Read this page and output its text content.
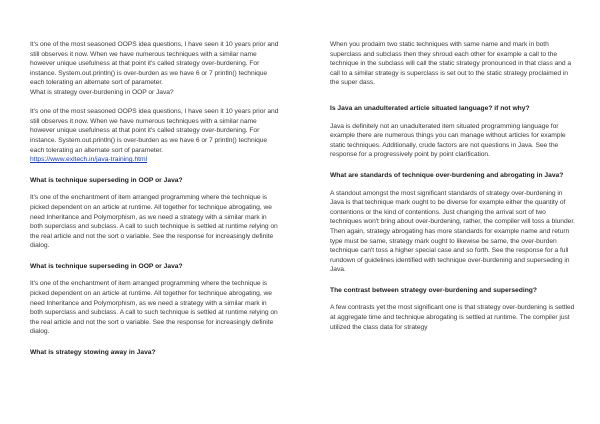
It's one of the most seasoned OOPS idea questions, I have seen it 10 years prior and still observes it now. When we have numerous techniques with a similar name however unique usefulness at that point it's called strategy over-burdening. For instance. System.out.println() is over-burden as we have 6 or 7 println() technique each tolerating an alternate sort of parameter.

What is strategy over-burdening in OOP or Java?

It's one of the most seasoned OOPS idea questions, I have seen it 10 years prior and still observes it now. When we have numerous techniques with a similar name however unique usefulness at that point it's called strategy over-burdening. For instance. System.out.println() is over-burden as we have 6 or 7 println() technique each tolerating an alternate sort of parameter.

https://www.exltech.in/java-training.html
What is technique superseding in OOP or Java?

It's one of the enchantment of item arranged programming where the technique is picked dependent on an article at runtime. All together for technique abrogating, we need Inheritance and Polymorphism, as we need a strategy with a similar mark in both superclass and subclass. A call to such technique is settled at runtime relying on the real article and not the sort o variable. See the response for increasingly definite dialog.

What is technique superseding in OOP or Java?

It's one of the enchantment of item arranged programming where the technique is picked dependent on an article at runtime. All together for technique abrogating, we need Inheritance and Polymorphism, as we need a strategy with a similar mark in both superclass and subclass. A call to such technique is settled at runtime relying on the real article and not the sort o variable. See the response for increasingly definite dialog.

What is strategy stowing away in Java?

When you prodaim two static techniques with same name and mark in both superclass and subclass then they shroud each other for example a call to the technique in the subclass will call the static strategy pronounced in that class and a call to a similar strategy is superclass is set out to the static strategy proclaimed in the super dass.

Is Java an unadulterated article situated language? if not why?

Java is definitely not an unadulterated item situated programming language for example there are numerous things you can manage without articles for example static techniques. Additionally, crude factors are not questions in Java. See the response for a progressively point by point clarification.

What are standards of technique over-burdening and abrogating in Java?

A standout amongst the most significant standards of strategy over-burdening in Java is that technique mark ought to be diverse for example either the quantity of contentions or the kind of contentions. Just changing the arrival sort of two techniques won't bring about over-burdening, rather, the compiler will toss a blunder. Then again, strategy abrogating has more standards for example name and return type must be same, strategy mark ought to likewise be same, the over-burden technique can't toss a higher special case and so forth. See the response for a full rundown of guidelines identified with technique over-burdening and superseding in Java.

The contrast between strategy over-burdening and superseding?

A few contrasts yet the most significant one is that strategy over-burdening is settled at aggregate time and technique abrogating is settled at runtime. The compiler just utilized the class data for strategy
